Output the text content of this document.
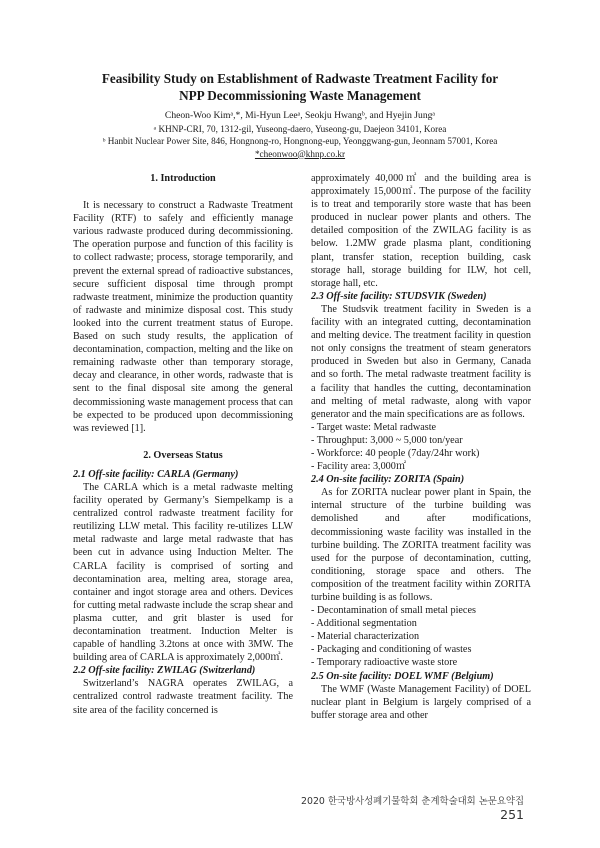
Feasibility Study on Establishment of Radwaste Treatment Facility for
NPP Decommissioning Waste Management
Cheon-Woo Kimᵃ,*, Mi-Hyun Leeᵃ, Seokju Hwangᵇ, and Hyejin Jungᵃ
ᵃ KHNP-CRI, 70, 1312-gil, Yuseong-daero, Yuseong-gu, Daejeon 34101, Korea
ᵇ Hanbit Nuclear Power Site, 846, Hongnong-ro, Hongnong-eup, Yeonggwang-gun, Jeonnam 57001, Korea
*cheonwoo@khnp.co.kr

1. Introduction

It is necessary to construct a Radwaste Treatment Facility (RTF) to safely and efficiently manage various radwaste produced during decommissioning. The operation purpose and function of this facility is to collect radwaste; process, storage temporarily, and prevent the external spread of radioactive substances, secure sufficient disposal time through prompt radwaste treatment, minimize the production quantity of radwaste and minimize disposal cost. This study looked into the current treatment status of Europe. Based on such study results, the application of decontamination, compaction, melting and the like on remaining radwaste other than temporary storage, decay and clearance, in other words, radwaste that is sent to the final disposal site among the general decommissioning waste management process that can be expected to be produced upon decommissioning was reviewed [1].

2. Overseas Status

2.1 Off-site facility: CARLA (Germany)

The CARLA which is a metal radwaste melting facility operated by Germany’s Siempelkamp is a centralized control radwaste treatment facility for reutilizing LLW metal. This facility re-utilizes LLW metal radwaste and large metal radwaste that has been cut in advance using Induction Melter. The CARLA facility is comprised of sorting and decontamination area, melting area, storage area, container and ingot storage area and others. Devices for cutting metal radwaste include the scrap shear and plasma cutter, and grit blaster is used for decontamination treatment. Induction Melter is capable of handling 3.2tons at once with 3MW. The building area of CARLA is approximately 2,000㎡.

2.2 Off-site facility: ZWILAG (Switzerland)

Switzerland’s NAGRA operates ZWILAG, a centralized control radwaste treatment facility. The site area of the facility concerned is

approximately 40,000㎡ and the building area is approximately 15,000㎡. The purpose of the facility is to treat and temporarily store waste that has been produced in nuclear power plants and others. The detailed composition of the ZWILAG facility is as below. 1.2MW grade plasma plant, conditioning plant, transfer station, reception building, cask storage hall, storage building for ILW, hot cell, storage hall, etc.

2.3 Off-site facility: STUDSVIK (Sweden)

The Studsvik treatment facility in Sweden is a facility with an integrated cutting, decontamination and melting device. The treatment facility in question not only consigns the treatment of steam generators produced in Sweden but also in Germany, Canada and so forth. The metal radwaste treatment facility is a facility that handles the cutting, decontamination and melting of metal radwaste, along with vapor generator and the main specifications are as follows.

- Target waste: Metal radwaste

- Throughput: 3,000 ~ 5,000 ton/year

- Workforce: 40 people (7day/24hr work)

- Facility area: 3,000㎡

2.4 On-site facility: ZORITA (Spain)

As for ZORITA nuclear power plant in Spain, the internal structure of the turbine building was demolished and after modifications, decommissioning waste facility was installed in the turbine building. The ZORITA treatment facility was used for the purpose of decontamination, cutting, conditioning, storage space and others. The composition of the treatment facility within ZORITA turbine building is as follows.

- Decontamination of small metal pieces

- Additional segmentation

- Material characterization

- Packaging and conditioning of wastes

- Temporary radioactive waste store

2.5 On-site facility: DOEL WMF (Belgium)

The WMF (Waste Management Facility) of DOEL nuclear plant in Belgium is largely comprised of a buffer storage area and other

2020 한국방사성폐기물학회 춘계학술대회 논문요약집251
